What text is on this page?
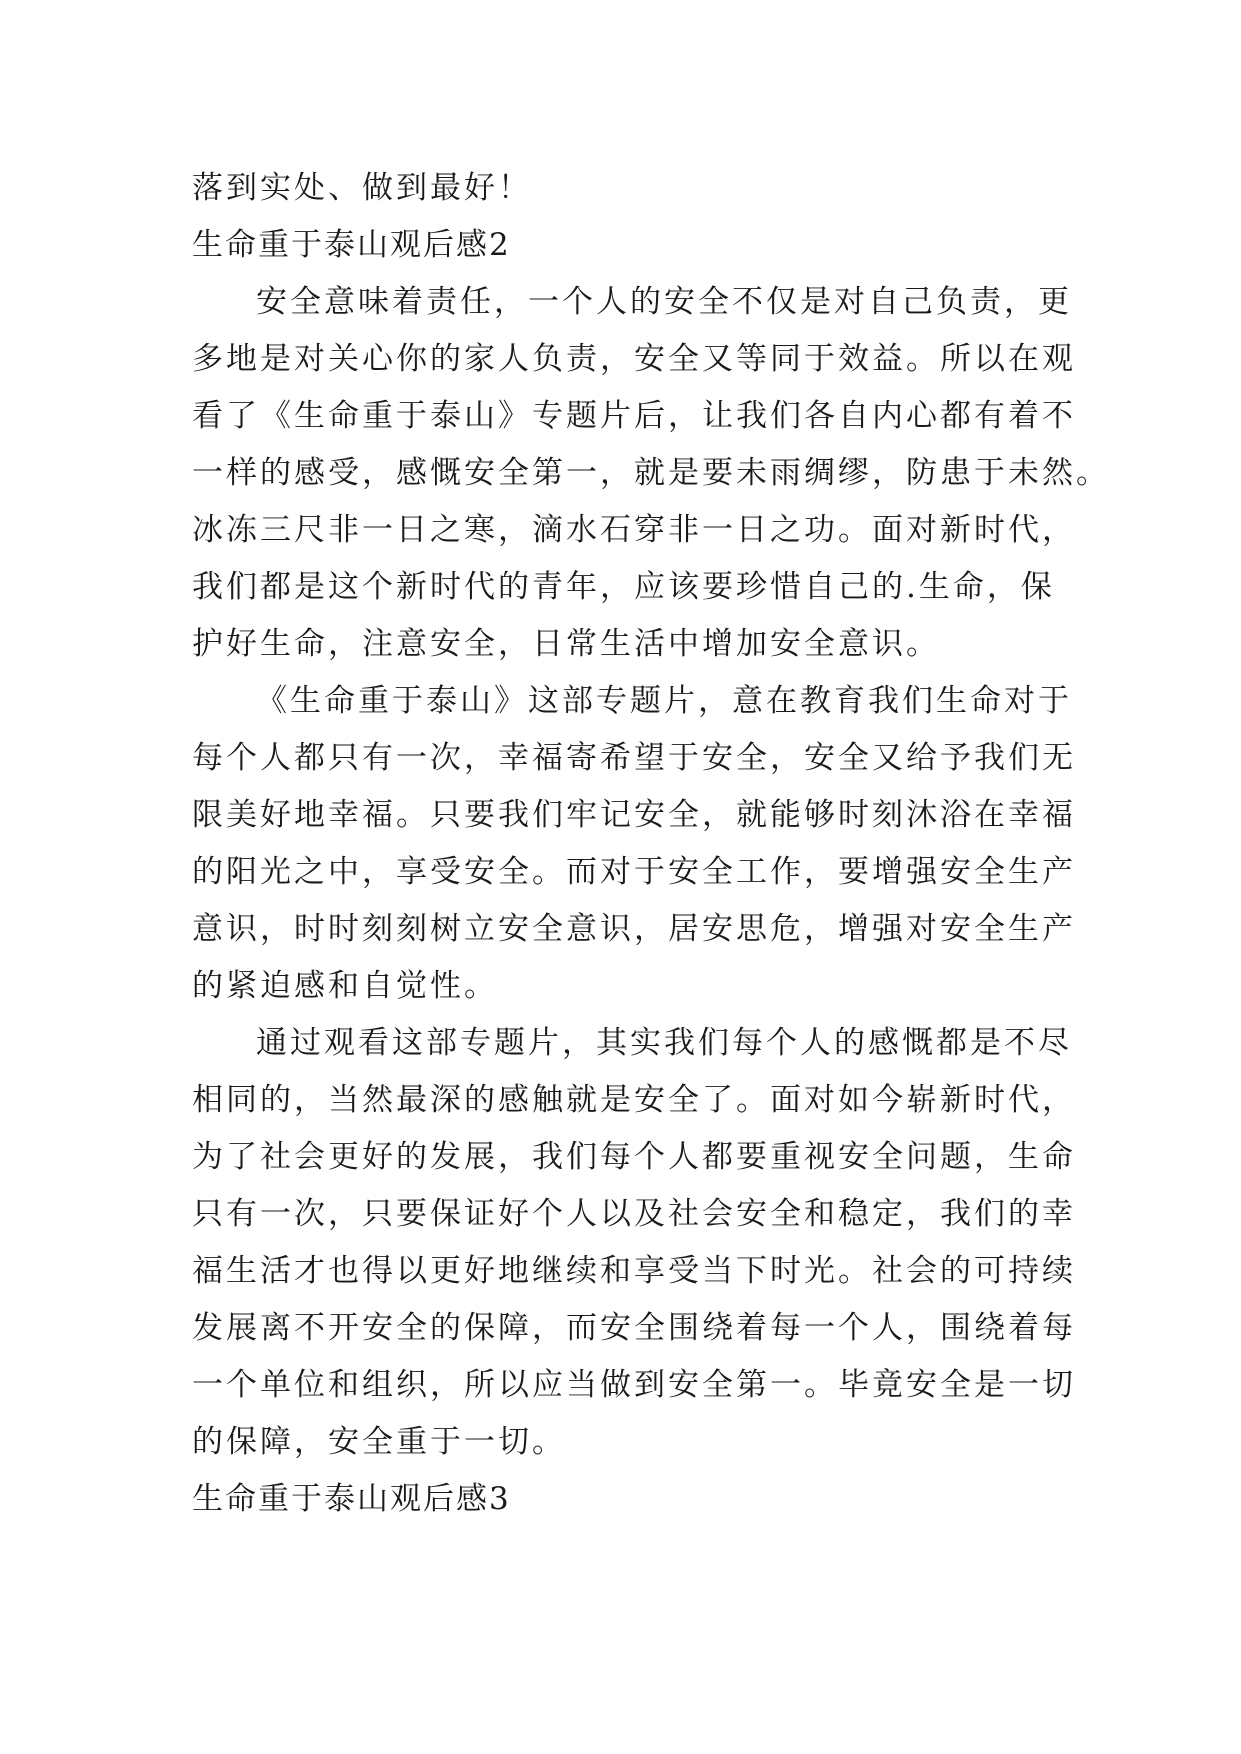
落到实处、做到最好！
生命重于泰山观后感2
安全意味着责任，一个人的安全不仅是对自己负责，更
多地是对关心你的家人负责，安全又等同于效益。所以在观
看了《生命重于泰山》专题片后，让我们各自内心都有着不
一样的感受，感慨安全第一，就是要未雨绸缪，防患于未然。
冰冻三尺非一日之寒，滴水石穿非一日之功。面对新时代，
我们都是这个新时代的青年，应该要珍惜自己的.生命，保
护好生命，注意安全，日常生活中增加安全意识。
《生命重于泰山》这部专题片，意在教育我们生命对于
每个人都只有一次，幸福寄希望于安全，安全又给予我们无
限美好地幸福。只要我们牢记安全，就能够时刻沐浴在幸福
的阳光之中，享受安全。而对于安全工作，要增强安全生产
意识，时时刻刻树立安全意识，居安思危，增强对安全生产
的紧迫感和自觉性。
通过观看这部专题片，其实我们每个人的感慨都是不尽
相同的，当然最深的感触就是安全了。面对如今崭新时代，
为了社会更好的发展，我们每个人都要重视安全问题，生命
只有一次，只要保证好个人以及社会安全和稳定，我们的幸
福生活才也得以更好地继续和享受当下时光。社会的可持续
发展离不开安全的保障，而安全围绕着每一个人，围绕着每
一个单位和组织，所以应当做到安全第一。毕竟安全是一切
的保障，安全重于一切。
生命重于泰山观后感3
